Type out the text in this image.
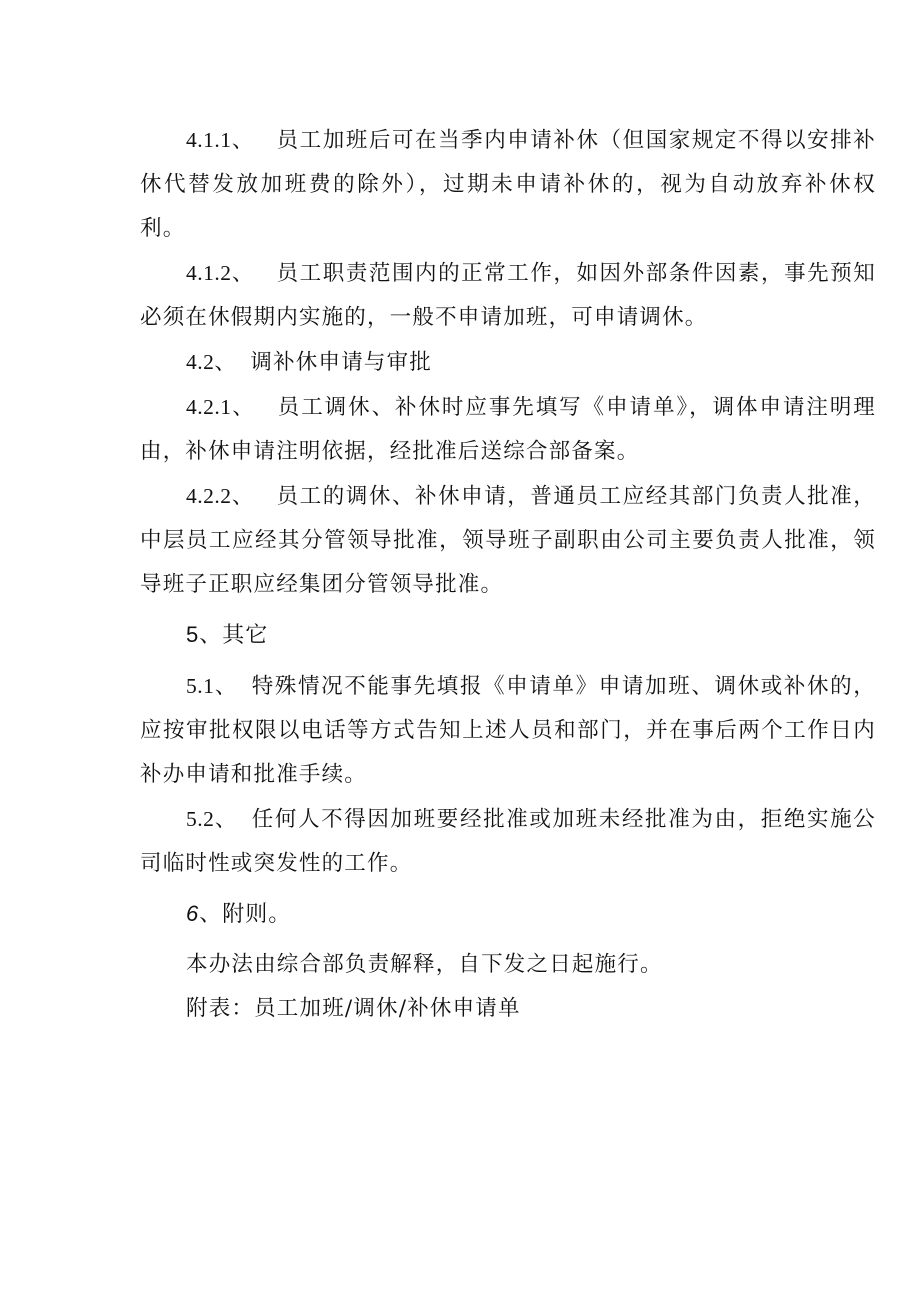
4.1.1、 员工加班后可在当季内申请补休（但国家规定不得以安排补休代替发放加班费的除外），过期未申请补休的，视为自动放弃补休权利。

4.1.2、 员工职责范围内的正常工作，如因外部条件因素，事先预知必须在休假期内实施的，一般不申请加班，可申请调休。

4.2、 调补休申请与审批

4.2.1、 员工调休、补休时应事先填写《申请单》，调体申请注明理由，补休申请注明依据，经批准后送综合部备案。

4.2.2、 员工的调休、补休申请，普通员工应经其部门负责人批准，中层员工应经其分管领导批准，领导班子副职由公司主要负责人批准，领导班子正职应经集团分管领导批准。

5、其它

5.1、 特殊情况不能事先填报《申请单》申请加班、调休或补休的，应按审批权限以电话等方式告知上述人员和部门，并在事后两个工作日内补办申请和批准手续。

5.2、 任何人不得因加班要经批准或加班未经批准为由，拒绝实施公司临时性或突发性的工作。

6、附则。

本办法由综合部负责解释，自下发之日起施行。

附表：员工加班/调休/补休申请单
